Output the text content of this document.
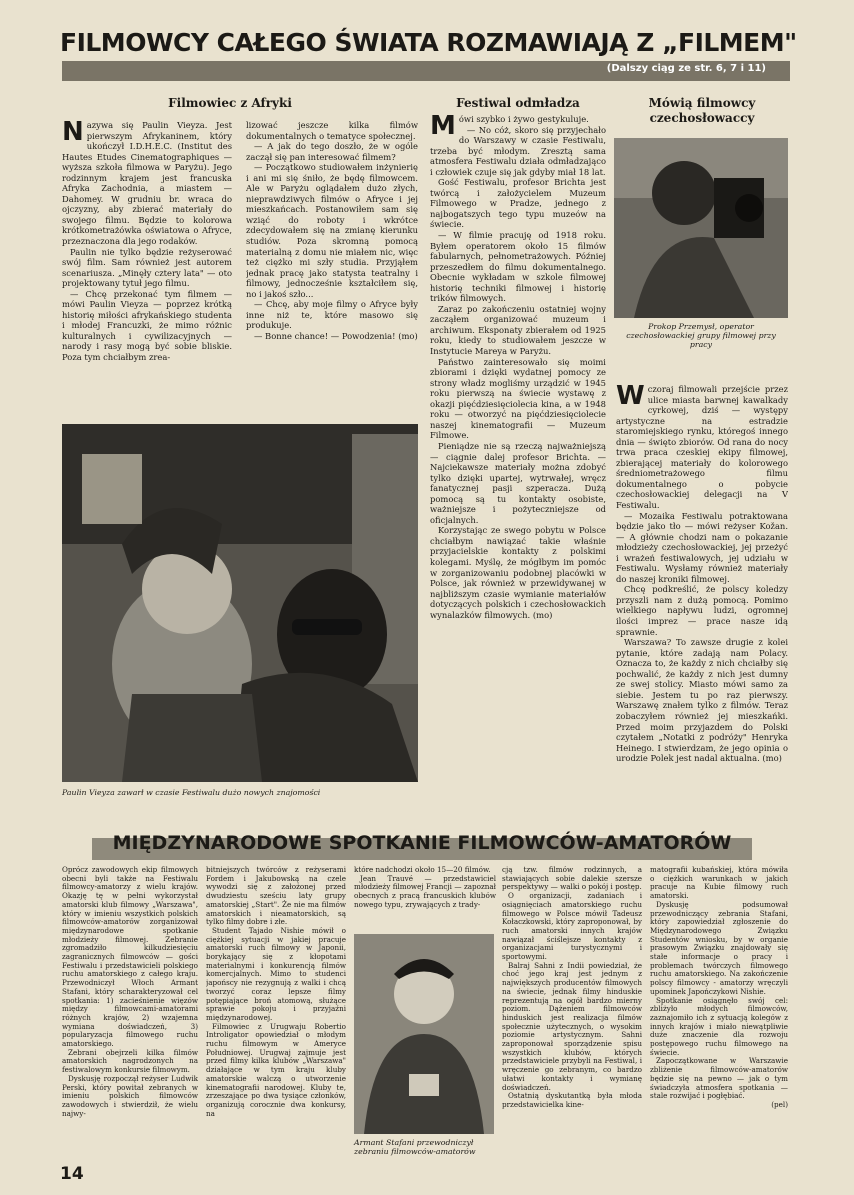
FILMOWCY CAŁEGO ŚWIATA ROZMAWIAJĄ Z „FILMEM"
(Dalszy ciąg ze str. 6, 7 i 11)
Filmowiec z Afryki

Nazywa się Paulin Vieyza. Jest pierwszym Afrykaninem, który ukończył I.D.H.E.C. (Institut des Hautes Etudes Cinematographiques — wyższa szkoła filmowa w Paryżu). Jego rodzinnym krajem jest francuska Afryka Zachodnia, a miastem — Dahomey. W grudniu br. wraca do ojczyzny, aby zbierać materiały do swojego filmu. Będzie to kolorowa krótkometrażówka oświatowa o Afryce, przeznaczona dla jego rodaków.

Paulin nie tylko będzie reżyserować swój film. Sam również jest autorem scenariusza. „Minęły cztery lata" — oto projektowany tytuł jego filmu.

— Chcę przekonać tym filmem — mówi Paulin Vieyza — poprzez krótką historię miłości afrykańskiego studenta i młodej Francuzki, że mimo różnic kulturalnych i cywilizacyjnych — narody i rasy mogą być sobie bliskie. Poza tym chciałbym zrea-

lizować jeszcze kilka filmów dokumentalnych o tematyce społecznej.

— A jak do tego doszło, że w ogóle zaczął się pan interesować filmem?

— Początkowo studiowałem inżynierię i ani mi się śniło, że będę filmowcem. Ale w Paryżu oglądałem dużo złych, nieprawdziwych filmów o Afryce i jej mieszkańcach. Postanowiłem sam się wziąć do roboty i wkrótce zdecydowałem się na zmianę kierunku studiów. Poza skromną pomocą materialną z domu nie miałem nic, więc też ciężko mi szły studia. Przyjąłem jednak pracę jako statysta teatralny i filmowy, jednocześnie kształciłem się, no i jakoś szło...

— Chcę, aby moje filmy o Afryce były inne niż te, które masowo się produkuje.

— Bonne chance! — Powodzenia! (mo)

Paulin Vieyza zawarł w czasie Festiwalu dużo nowych znajomości
Festiwal odmładza

Mówi szybko i żywo gestykuluje.

— No cóż, skoro się przyjechało do Warszawy w czasie Festiwalu, trzeba być młodym. Zresztą sama atmosfera Festiwalu działa odmładzająco i człowiek czuje się jak gdyby miał 18 lat.

Gość Festiwalu, profesor Brichta jest twórcą i założycielem Muzeum Filmowego w Pradze, jednego z najbogatszych tego typu muzeów na świecie.

— W filmie pracuję od 1918 roku. Byłem operatorem około 15 filmów fabularnych, pełnometrażowych. Później przeszedłem do filmu dokumentalnego. Obecnie wykładam w szkole filmowej historię techniki filmowej i historię trików filmowych.

Zaraz po zakończeniu ostatniej wojny zacząłem organizować muzeum i archiwum. Eksponaty zbierałem od 1925 roku, kiedy to studiowałem jeszcze w Instytucie Mareya w Paryżu.

Państwo zainteresowało się moimi zbiorami i dzięki wydatnej pomocy ze strony władz mogliśmy urządzić w 1945 roku pierwszą na świecie wystawę z okazji pięćdziesięciolecia kina, a w 1948 roku — otworzyć na pięćdziesięciolecie naszej kinematografii — Muzeum Filmowe.

Pieniądze nie są rzeczą najważniejszą — ciągnie dalej profesor Brichta. — Najciekawsze materiały można zdobyć tylko dzięki upartej, wytrwałej, wręcz fanatycznej pasji szperacza. Dużą pomocą są tu kontakty osobiste, ważniejsze i pożyteczniejsze od oficjalnych.

Korzystając ze swego pobytu w Polsce chciałbym nawiązać takie właśnie przyjacielskie kontakty z polskimi kolegami. Myślę, że mógłbym im pomóc w zorganizowaniu podobnej placówki w Polsce, jak również w przewidywanej w najbliższym czasie wymianie materiałów dotyczących polskich i czechosłowackich wynalazków filmowych. (mo)

Mówią filmowcy czechosłowaccy
Prokop Przemysł, operator czechosłowackiej grupy filmowej przy pracy

Wczoraj filmowali przejście przez ulice miasta barwnej kawalkady cyrkowej, dziś — występy artystyczne na estradzie staromiejskiego rynku, któregoś innego dnia — święto zbiorów. Od rana do nocy trwa praca czeskiej ekipy filmowej, zbierającej materiały do kolorowego średniometrażowego filmu dokumentalnego o pobycie czechosłowackiej delegacji na V Festiwalu.

— Mozaika Festiwalu potraktowana będzie jako tło — mówi reżyser Kožan. — A głównie chodzi nam o pokazanie młodzieży czechosłowackiej, jej przeżyć i wrażeń festiwalowych, jej udziału w Festiwalu. Wysłamy również materiały do naszej kroniki filmowej.

Chcę podkreślić, że polscy koledzy przyszli nam z dużą pomocą. Pomimo wielkiego napływu ludzi, ogromnej ilości imprez — prace nasze idą sprawnie.

Warszawa? To zawsze drugie z kolei pytanie, które zadają nam Polacy. Oznacza to, że każdy z nich chciałby się pochwalić, że każdy z nich jest dumny ze swej stolicy. Miasto mówi samo za siebie. Jestem tu po raz pierwszy. Warszawę znałem tylko z filmów. Teraz zobaczyłem również jej mieszkańki. Przed moim przyjazdem do Polski czytałem „Notatki z podróży" Henryka Heinego. I stwierdzam, że jego opinia o urodzie Polek jest nadal aktualna. (mo)

MIĘDZYNARODOWE SPOTKANIE FILMOWCÓW-AMATORÓW

Oprócz zawodowych ekip filmowych obecni byli także na Festiwalu filmowcy-amatorzy z wielu krajów. Okazję tę w pełni wykorzystał amatorski klub filmowy „Warszawa", który w imieniu wszystkich polskich filmowców-amatorów zorganizował międzynarodowe spotkanie młodzieży filmowej. Zebranie zgromadziło kilkudziesięciu zagranicznych filmowców — gości Festiwalu i przedstawicieli polskiego ruchu amatorskiego z całego kraju. Przewodniczył Włoch Armant Stafani, który scharakteryzował cel spotkania: 1) zacieśnienie więzów między filmowcami-amatorami różnych krajów, 2) wzajemna wymiana doświadczeń, 3) popularyzacja filmowego ruchu amatorskiego.

Zebrani obejrzeli kilka filmów amatorskich nagrodzonych na festiwalowym konkursie filmowym.

Dyskusję rozpoczął reżyser Ludwik Perski, który powitał zebranych w imieniu polskich filmowców zawodowych i stwierdził, że wielu najwy-

bitniejszych twórców z reżyserami Fordem i Jakubowską na czele wywodzi się z założonej przed dwudziestu sześciu laty grupy amatorskiej „Start". Że nie ma filmów amatorskich i nieamatorskich, są tylko filmy dobre i złe.

Student Tajado Nishie mówił o ciężkiej sytuacji w jakiej pracuje amatorski ruch filmowy w Japonii, borykający się z kłopotami materialnymi i konkurencją filmów komercjalnych. Mimo to studenci japońscy nie rezygnują z walki i chcą tworzyć coraz lepsze filmy potępiające broń atomową, służące sprawie pokoju i przyjaźni międzynarodowej.

Filmowiec z Urugwaju Robertio Introligator opowiedział o młodym ruchu filmowym w Ameryce Południowej. Urugwaj zajmuje jest przed filmy kilka klubów „Warszawa" działające w tym kraju kluby amatorskie walczą o utworzenie kinematografii narodowej. Kluby te, zrzeszające po dwa tysiące członków, organizują corocznie dwa konkursy, na

które nadchodzi około 15—20 filmów.

Jean Trauvé — przedstawiciel młodzieży filmowej Francji — zapoznał obecnych z pracą francuskich klubów nowego typu, zrywających z trady-

Armant Stafani przewodniczył zebraniu filmowców-amatorów

cją tzw. filmów rodzinnych, a stawiających sobie dalekie szersze perspektywy — walki o pokój i postęp.

O organizacji, zadaniach i osiągnięciach amatorskiego ruchu filmowego w Polsce mówił Tadeusz Kołaczkowski, który zaproponował, by ruch amatorski innych krajów nawiązał ściślejsze kontakty z organizacjami turystycznymi i sportowymi.

Balraj Sahni z Indii powiedział, że choć jego kraj jest jednym z największych producentów filmowych na świecie, jednak filmy hinduskie reprezentują na ogół bardzo mierny poziom. Dążeniem filmowców hinduskich jest realizacja filmów społecznie użytecznych, o wysokim poziomie artystycznym. Sahni zaproponował sporządzenie spisu wszystkich klubów, których przedstawiciele przybyli na Festiwal, i wręczenie go zebranym, co bardzo ułatwi kontakty i wymianę doświadczeń.

Ostatnią dyskutantką była młoda przedstawicielka kine-

matografii kubańskiej, która mówiła o ciężkich warunkach w jakich pracuje na Kubie filmowy ruch amatorski.

Dyskusję podsumował przewodniczący zebrania Stafani, który zapowiedział zgłoszenie do Międzynarodowego Związku Studentów wniosku, by w organie prasowym Związku znajdowały się stałe informacje o pracy i problemach twórczych filmowego ruchu amatorskiego. Na zakończenie polscy filmowcy - amatorzy wręczyli upominek Japończykowi Nishie.

Spotkanie osiągnęło swój cel: zbliżyło młodych filmowców, zaznajomiło ich z sytuacją kolegów z innych krajów i miało niewątpliwie duże znaczenie dla rozwoju postępowego ruchu filmowego na świecie.

Zapoczątkowane w Warszawie zbliżenie filmowców-amatorów będzie się na pewno — jak o tym świadczyła atmosfera spotkania — stale rozwijać i pogłębiać.

(pel)

14
